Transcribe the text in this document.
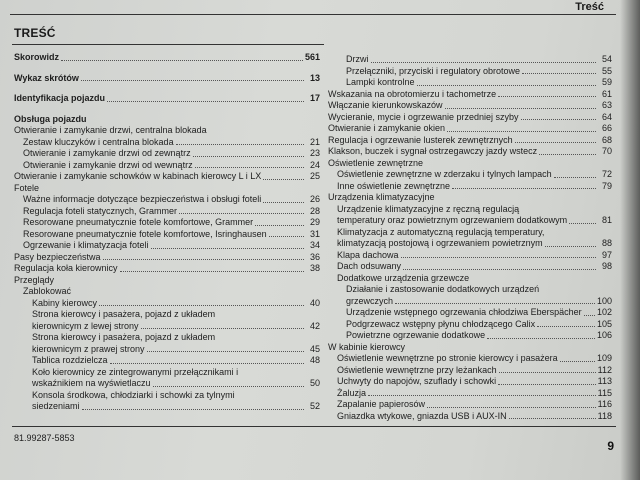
Treść
TREŚĆ
Skorowidz	561
Wykaz skrótów	13
Identyfikacja pojazdu	17
Obsługa pojazdu
Otwieranie i zamykanie drzwi, centralna blokada
Zestaw kluczyków i centralna blokada	21
Otwieranie i zamykanie drzwi od zewnątrz	23
Otwieranie i zamykanie drzwi od wewnątrz	24
Otwieranie i zamykanie schowków w kabinach kierowcy L i LX	25
Fotele
Ważne informacje dotyczące bezpieczeństwa i obsługi foteli	26
Regulacja foteli statycznych, Grammer	28
Resorowane pneumatycznie fotele komfortowe, Grammer	29
Resorowane pneumatycznie fotele komfortowe, Isringhausen	31
Ogrzewanie i klimatyzacja foteli	34
Pasy bezpieczeństwa	36
Regulacja koła kierownicy	38
Przeglądy
Zablokować
Kabiny kierowcy	40
Strona kierowcy i pasażera, pojazd z układem
kierownicym z lewej strony	42
Strona kierowcy i pasażera, pojazd z układem
kierownicym z prawej strony	45
Tablica rozdzielcza	48
Koło kierownicy ze zintegrowanymi przełącznikami i
wskaźnikiem na wyświetlaczu	50
Konsola środkowa, chłodziarki i schowki za tylnymi
siedzeniami	52
Drzwi	54
Przełączniki, przyciski i regulatory obrotowe	55
Lampki kontrolne	59
Wskazania na obrotomierzu i tachometrze	61
Włączanie kierunkowskazów	63
Wycieranie, mycie i ogrzewanie przedniej szyby	64
Otwieranie i zamykanie okien	66
Regulacja i ogrzewanie lusterek zewnętrznych	68
Klakson, buczek i sygnał ostrzegawczy jazdy wstecz	70
Oświetlenie zewnętrzne
Oświetlenie zewnętrzne w zderzaku i tylnych lampach	72
Inne oświetlenie zewnętrzne	79
Urządzenia klimatyzacyjne
Urządzenie klimatyzacyjne z ręczną regulacją
temperatury oraz powietrznym ogrzewaniem dodatkowym	81
Klimatyzacja z automatyczną regulacją temperatury,
klimatyzacją postojową i ogrzewaniem powietrznym	88
Klapa dachowa	97
Dach odsuwany	98
Dodatkowe urządzenia grzewcze
Działanie i zastosowanie dodatkowych urządzeń
grzewczych	100
Urządzenie wstępnego ogrzewania chłodziwa Eberspächer 102
Podgrzewacz wstępny płynu chłodzącego Calix	105
Powietrzne ogrzewanie dodatkowe	106
W kabinie kierowcy
Oświetlenie wewnętrzne po stronie kierowcy i pasażera	109
Oświetlenie wewnętrzne przy leżankach	112
Uchwyty do napojów, szuflady i schowki	113
Żaluzja	115
Zapalanie papierosów	116
Gniazdka wtykowe, gniazda USB i AUX-IN	118
81.99287-5853
9
